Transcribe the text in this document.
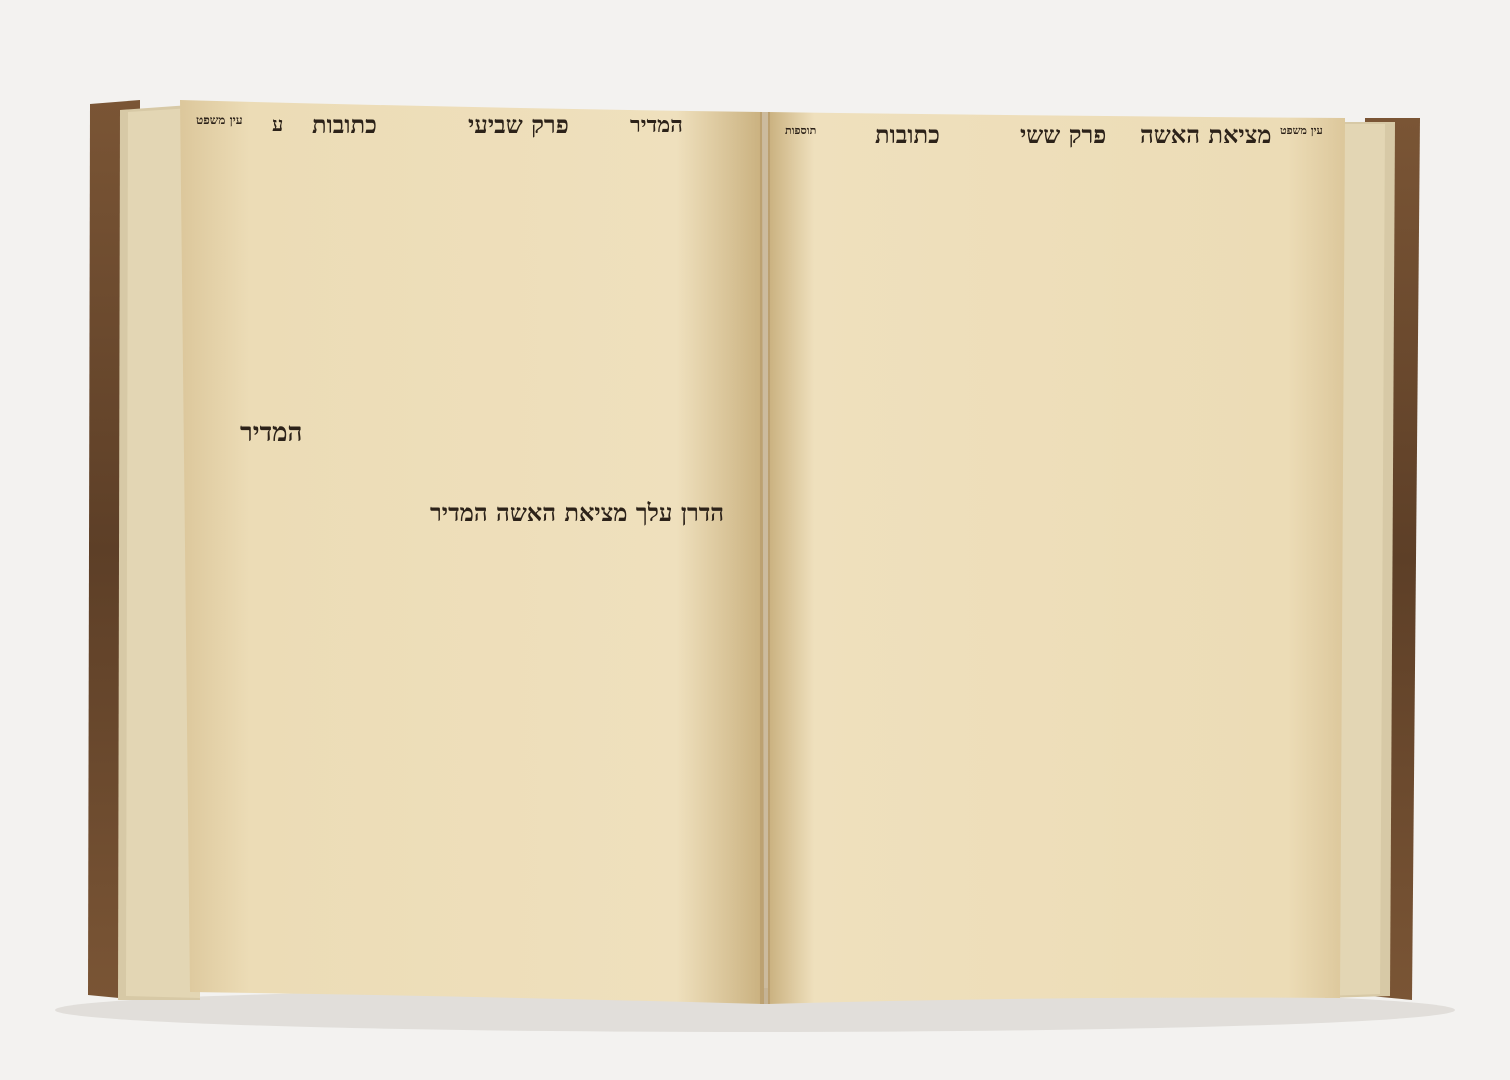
עין משפט ע כתובות	פרק שביעי	המדיר
המדיר
הדרן עלך מציאת האשה המדיר
תוספות כתובות	פרק ששי מציאת האשה עין משפט
